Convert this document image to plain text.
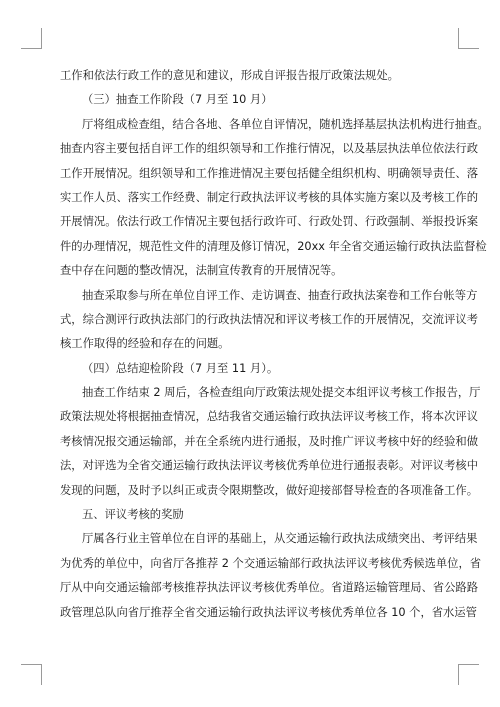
工作和依法行政工作的意见和建议，形成自评报告报厅政策法规处。
（三）抽查工作阶段（7 月至 10 月）
厅将组成检查组，结合各地、各单位自评情况，随机选择基层执法机构进行抽查。
抽查内容主要包括自评工作的组织领导和工作推行情况，以及基层执法单位依法行政
工作开展情况。组织领导和工作推进情况主要包括健全组织机构、明确领导责任、落
实工作人员、落实工作经费、制定行政执法评议考核的具体实施方案以及考核工作的
开展情况。依法行政工作情况主要包括行政许可、行政处罚、行政强制、举报投诉案
件的办理情况，规范性文件的清理及修订情况，20xx 年全省交通运输行政执法监督检
查中存在问题的整改情况，法制宣传教育的开展情况等。
抽查采取参与所在单位自评工作、走访调查、抽查行政执法案卷和工作台帐等方
式，综合测评行政执法部门的行政执法情况和评议考核工作的开展情况，交流评议考
核工作取得的经验和存在的问题。
（四）总结迎检阶段（7 月至 11 月）。
抽查工作结束 2 周后，各检查组向厅政策法规处提交本组评议考核工作报告，厅
政策法规处将根据抽查情况，总结我省交通运输行政执法评议考核工作，将本次评议
考核情况报交通运输部，并在全系统内进行通报，及时推广评议考核中好的经验和做
法，对评选为全省交通运输行政执法评议考核优秀单位进行通报表彰。对评议考核中
发现的问题，及时予以纠正或责令限期整改，做好迎接部督导检查的各项准备工作。
五、评议考核的奖励
厅属各行业主管单位在自评的基础上，从交通运输行政执法成绩突出、考评结果
为优秀的单位中，向省厅各推荐 2 个交通运输部行政执法评议考核优秀候选单位，省
厅从中向交通运输部考核推荐执法评议考核优秀单位。省道路运输管理局、省公路路
政管理总队向省厅推荐全省交通运输行政执法评议考核优秀单位各 10 个，省水运管
